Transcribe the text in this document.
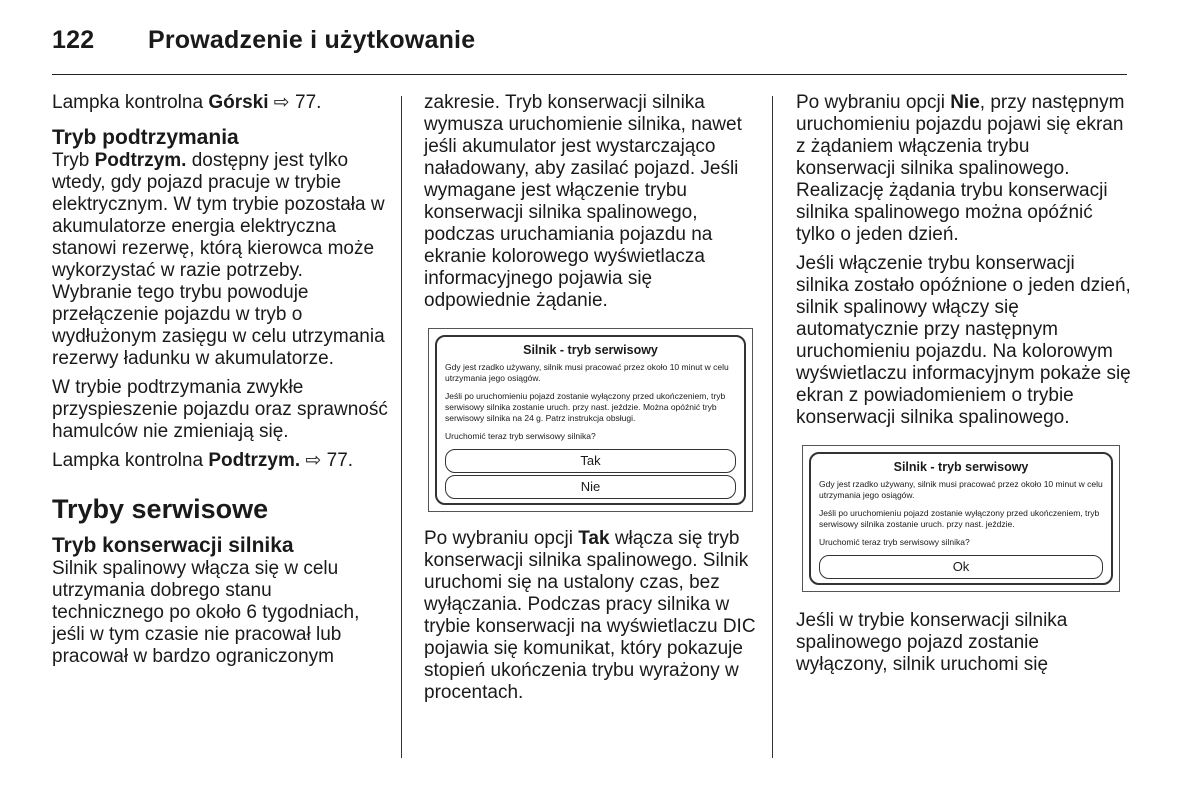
122 Prowadzenie i użytkowanie

Lampka kontrolna Górski ⇨ 77.

Tryb podtrzymania

Tryb Podtrzym. dostępny jest tylko wtedy, gdy pojazd pracuje w trybie elektrycznym. W tym trybie pozostała w akumulatorze energia elektryczna stanowi rezerwę, którą kierowca może wykorzystać w razie potrzeby. Wybranie tego trybu powoduje przełączenie pojazdu w tryb o wydłużonym zasięgu w celu utrzymania rezerwy ładunku w akumulatorze.

W trybie podtrzymania zwykłe przyspieszenie pojazdu oraz sprawność hamulców nie zmieniają się.

Lampka kontrolna Podtrzym. ⇨ 77.

Tryby serwisowe
Tryb konserwacji silnika

Silnik spalinowy włącza się w celu utrzymania dobrego stanu technicznego po około 6 tygodniach, jeśli w tym czasie nie pracował lub pracował w bardzo ograniczonym

zakresie. Tryb konserwacji silnika wymusza uruchomienie silnika, nawet jeśli akumulator jest wystarczająco naładowany, aby zasilać pojazd. Jeśli wymagane jest włączenie trybu konserwacji silnika spalinowego, podczas uruchamiania pojazdu na ekranie kolorowego wyświetlacza informacyjnego pojawia się odpowiednie żądanie.

Silnik - tryb serwisowy

Gdy jest rzadko używany, silnik musi pracować przez około 10 minut w celu utrzymania jego osiągów.

Jeśli po uruchomieniu pojazd zostanie wyłączony przed ukończeniem, tryb serwisowy silnika zostanie uruch. przy nast. jeździe. Można opóźnić tryb serwisowy silnika na 24 g. Patrz instrukcja obsługi.

Uruchomić teraz tryb serwisowy silnika?

Tak
Nie

Po wybraniu opcji Tak włącza się tryb konserwacji silnika spalinowego. Silnik uruchomi się na ustalony czas, bez wyłączania. Podczas pracy silnika w trybie konserwacji na wyświetlaczu DIC pojawia się komunikat, który pokazuje stopień ukończenia trybu wyrażony w procentach.

Po wybraniu opcji Nie, przy następnym uruchomieniu pojazdu pojawi się ekran z żądaniem włączenia trybu konserwacji silnika spalinowego. Realizację żądania trybu konserwacji silnika spalinowego można opóźnić tylko o jeden dzień.

Jeśli włączenie trybu konserwacji silnika zostało opóźnione o jeden dzień, silnik spalinowy włączy się automatycznie przy następnym uruchomieniu pojazdu. Na kolorowym wyświetlaczu informacyjnym pokaże się ekran z powiadomieniem o trybie konserwacji silnika spalinowego.

Silnik - tryb serwisowy

Gdy jest rzadko używany, silnik musi pracować przez około 10 minut w celu utrzymania jego osiągów.

Jeśli po uruchomieniu pojazd zostanie wyłączony przed ukończeniem, tryb serwisowy silnika zostanie uruch. przy nast. jeździe.

Uruchomić teraz tryb serwisowy silnika?

Ok

Jeśli w trybie konserwacji silnika spalinowego pojazd zostanie wyłączony, silnik uruchomi się
